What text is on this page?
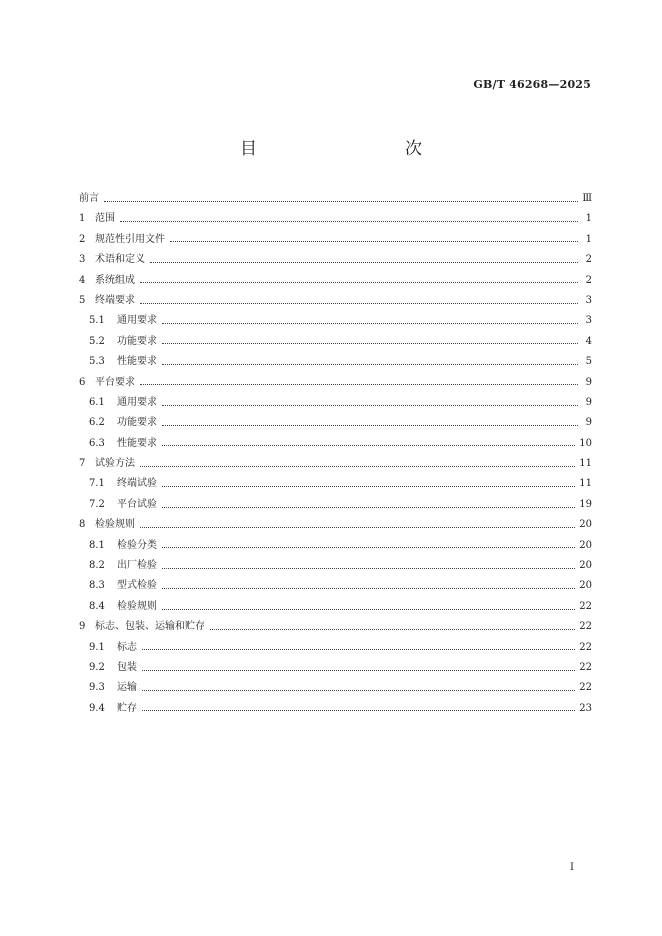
GB/T 46268—2025
目　　次
前言	Ⅲ
1 范围	1
2 规范性引用文件	1
3 术语和定义	2
4 系统组成	2
5 终端要求	3
5.1	通用要求	3
5.2	功能要求	4
5.3	性能要求	5
6 平台要求	9
6.1	通用要求	9
6.2	功能要求	9
6.3	性能要求	10
7 试验方法	11
7.1	终端试验	11
7.2	平台试验	19
8 检验规则	20
8.1	检验分类	20
8.2	出厂检验	20
8.3	型式检验	20
8.4	检验规则	22
9 标志、包装、运输和贮存	22
9.1	标志	22
9.2	包装	22
9.3	运输	22
9.4	贮存	23
Ⅰ
